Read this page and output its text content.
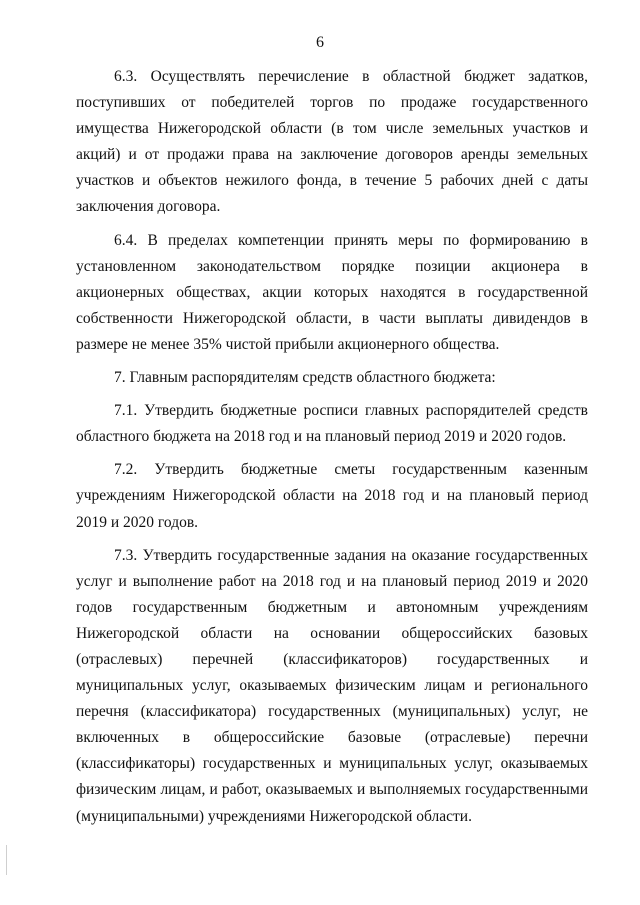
6

6.3. Осуществлять перечисление в областной бюджет задатков, поступивших от победителей торгов по продаже государственного имущества Нижегородской области (в том числе земельных участков и акций) и от продажи права на заключение договоров аренды земельных участков и объектов нежилого фонда, в течение 5 рабочих дней с даты заключения договора.

6.4. В пределах компетенции принять меры по формированию в установленном законодательством порядке позиции акционера в акционерных обществах, акции которых находятся в государственной собственности Нижегородской области, в части выплаты дивидендов в размере не менее 35% чистой прибыли акционерного общества.

7. Главным распорядителям средств областного бюджета:

7.1. Утвердить бюджетные росписи главных распорядителей средств областного бюджета на 2018 год и на плановый период 2019 и 2020 годов.

7.2. Утвердить бюджетные сметы государственным казенным учреждениям Нижегородской области на 2018 год и на плановый период 2019 и 2020 годов.

7.3. Утвердить государственные задания на оказание государственных услуг и выполнение работ на 2018 год и на плановый период 2019 и 2020 годов государственным бюджетным и автономным учреждениям Нижегородской области на основании общероссийских базовых (отраслевых) перечней (классификаторов) государственных и муниципальных услуг, оказываемых физическим лицам и регионального перечня (классификатора) государственных (муниципальных) услуг, не включенных в общероссийские базовые (отраслевые) перечни (классификаторы) государственных и муниципальных услуг, оказываемых физическим лицам, и работ, оказываемых и выполняемых государственными (муниципальными) учреждениями Нижегородской области.
